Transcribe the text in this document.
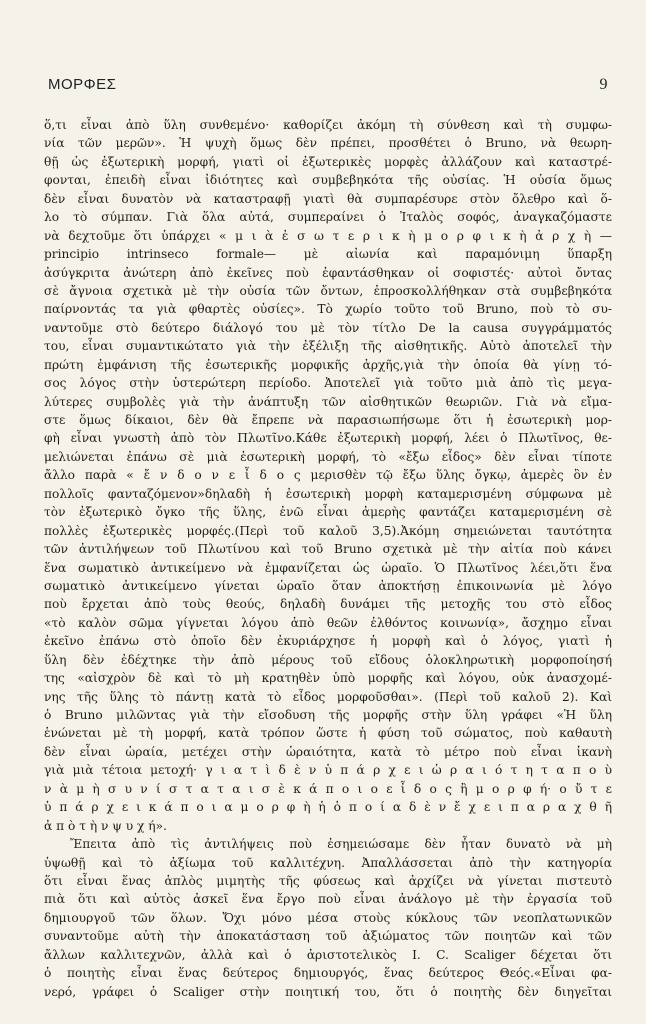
ΜΟΡΦΕΣ	9
ὅ,τι εἶναι ἀπὸ ὕλη συνθεμένο· καθορίζει ἀκόμη τὴ σύνθεση καὶ τὴ συμφω-
νία τῶν μερῶν». Ἡ ψυχὴ ὅμως δὲν πρέπει, προσθέτει ὁ Bruno, νὰ θεωρη-
θῇ ὡς ἐξωτερικὴ μορφή, γιατὶ οἱ ἐξωτερικὲς μορφὲς ἀλλάζουν καὶ καταστρέ-
φονται, ἐπειδὴ εἶναι ἰδιότητες καὶ συμβεβηκότα τῆς οὐσίας. Ἡ οὐσία ὅμως
δὲν εἶναι δυνατὸν νὰ καταστραφῇ γιατὶ θὰ συμπαρέσυρε στὸν ὄλεθρο καὶ ὅ-
λο τὸ σύμπαν. Γιὰ ὅλα αὐτά, συμπεραίνει ὁ Ἰταλὸς σοφός, ἀναγκαζόμαστε
νὰ δεχτοῦμε ὅτι ὑπάρχει « μ ι ὰ ἐ σ ω τ ε ρ ι κ ὴ μ ο ρ φ ι κ ὴ ἀ ρ χ ὴ —
principio intrinseco formale— μὲ αἰωνία καὶ παραμόνιμη ὕπαρξη
ἀσύγκριτα ἀνώτερη ἀπὸ ἐκεῖνες ποὺ ἐφαντάσθηκαν οἱ σοφιστές· αὐτοὶ ὄντας
σὲ ἄγνοια σχετικὰ μὲ τὴν οὐσία τῶν ὄντων, ἐπροσκολλήθηκαν στὰ συμβεβηκότα
παίρνοντάς τα γιὰ φθαρτὲς οὐσίες». Τὸ χωρίο τοῦτο τοῦ Bruno, ποὺ τὸ συ-
ναντοῦμε στὸ δεύτερο διάλογό του μὲ τὸν τίτλο De la causa συγγράμματός
του, εἶναι συμαντικώτατο γιὰ τὴν ἐξέλιξη τῆς αἰσθητικῆς. Αὐτὸ ἀποτελεῖ τὴν
πρώτη ἐμφάνιση τῆς ἐσωτερικῆς μορφικῆς ἀρχῆς,γιὰ τὴν ὁποία θὰ γίνῃ τό-
σος λόγος στὴν ὑστερώτερη περίοδο. Ἀποτελεῖ γιὰ τοῦτο μιὰ ἀπὸ τὶς μεγα-
λύτερες συμβολὲς γιὰ τὴν ἀνάπτυξη τῶν αἰσθητικῶν θεωριῶν. Γιὰ νὰ εἴμα-
στε ὅμως δίκαιοι, δὲν θὰ ἔπρεπε νὰ παρασιωπήσωμε ὅτι ἡ ἐσωτερικὴ μορ-
φὴ εἶναι γνωστὴ ἀπὸ τὸν Πλωτῖνο.Κάθε ἐξωτερικὴ μορφή, λέει ὁ Πλωτῖνος, θε-
μελιώνεται ἐπάνω σὲ μιὰ ἐσωτερικὴ μορφή, τὸ «ἔξω εἶδος» δὲν εἶναι τίποτε
ἄλλο παρὰ « ἔ ν δ ο ν ε ἶ δ ο ς μερισθὲν τῷ ἔξω ὕλης ὄγκῳ, ἀμερὲς ὂν ἐν
πολλοῖς φανταζόμενον»δηλαδὴ ἡ ἐσωτερικὴ μορφὴ καταμερισμένη σύμφωνα μὲ
τὸν ἐξωτερικὸ ὄγκο τῆς ὕλης, ἐνῶ εἶναι ἀμερὴς φαντάζει καταμερισμένη σὲ
πολλὲς ἐξωτερικὲς μορφές.(Περὶ τοῦ καλοῦ 3,5).Ἀκόμη σημειώνεται ταυτότητα
τῶν ἀντιλήψεων τοῦ Πλωτίνου καὶ τοῦ Bruno σχετικὰ μὲ τὴν αἰτία ποὺ κάνει
ἕνα σωματικὸ ἀντικείμενο νὰ ἐμφανίζεται ὡς ὡραῖο. Ὁ Πλωτῖνος λέει,ὅτι ἕνα
σωματικὸ ἀντικείμενο γίνεται ὡραῖο ὅταν ἀποκτήσῃ ἐπικοινωνία μὲ λόγο
ποὺ ἔρχεται ἀπὸ τοὺς θεούς, δηλαδὴ δυνάμει τῆς μετοχῆς του στὸ εἶδος
«τὸ καλὸν σῶμα γίγνεται λόγου ἀπὸ θεῶν ἐλθόντος κοινωνίᾳ», ἄσχημο εἶναι
ἐκεῖνο ἐπάνω στὸ ὁποῖο δὲν ἐκυριάρχησε ἡ μορφὴ καὶ ὁ λόγος, γιατὶ ἡ
ὕλη δὲν ἐδέχτηκε τὴν ἀπὸ μέρους τοῦ εἴδους ὁλοκληρωτικὴ μορφοποίησή
της «αἰσχρὸν δὲ καὶ τὸ μὴ κρατηθὲν ὑπὸ μορφῆς καὶ λόγου, οὐκ ἀνασχομέ-
νης τῆς ὕλης τὸ πάντῃ κατὰ τὸ εἶδος μορφοῦσθαι». (Περὶ τοῦ καλοῦ 2). Καὶ
ὁ Bruno μιλῶντας γιὰ τὴν εἴσοδυση τῆς μορφῆς στὴν ὕλη γράφει «Ἡ ὕλη
ἑνώνεται μὲ τὴ μορφή, κατὰ τρόπον ὥστε ἡ φύση τοῦ σώματος, ποὺ καθαυτὴ
δὲν εἶναι ὡραία, μετέχει στὴν ὡραιότητα, κατὰ τὸ μέτρο ποὺ εἶναι ἱκανὴ
γιὰ μιὰ τέτοια μετοχή· γ ι α τ ὶ δ ὲ ν ὑ π ά ρ χ ε ι ὡ ρ α ι ό τ η τ α π ο ὺ
ν ὰ μ ὴ σ υ ν ί σ τ α τ α ι σ ὲ κ ά π ο ι ο ε ἶ δ ο ς ἢ μ ο ρ φ ή· ο ὔ τ ε
ὑ π ά ρ χ ε ι κ ά π ο ι α μ ο ρ φ ὴ ἡ ὁ π ο ί α δ ὲ ν ἔ χ ε ι π α ρ α χ θ ῆ
ἀ π ὸ τ ὴ ν ψ υ χ ή».
Ἔπειτα ἀπὸ τὶς ἀντιλήψεις ποὺ ἐσημειώσαμε δὲν ἦταν δυνατὸ νὰ μὴ
ὑψωθῇ καὶ τὸ ἀξίωμα τοῦ καλλιτέχνη. Ἀπαλλάσσεται ἀπὸ τὴν κατηγορία
ὅτι εἶναι ἕνας ἁπλὸς μιμητὴς τῆς φύσεως καὶ ἀρχίζει νὰ γίνεται πιστευτὸ
πιὰ ὅτι καὶ αὐτὸς ἀσκεῖ ἕνα ἔργο ποὺ εἶναι ἀνάλογο μὲ τὴν ἐργασία τοῦ
δημιουργοῦ τῶν ὅλων. Ὄχι μόνο μέσα στοὺς κύκλους τῶν νεοπλατωνικῶν
συναντοῦμε αὐτὴ τὴν ἀποκατάσταση τοῦ ἀξιώματος τῶν ποιητῶν καὶ τῶν
ἄλλων καλλιτεχνῶν, ἀλλὰ καὶ ὁ ἀριστοτελικὸς I. C. Scaliger δέχεται ὅτι
ὁ ποιητὴς εἶναι ἕνας δεύτερος δημιουργός, ἕνας δεύτερος Θεός.«Εἶναι φα-
νερό, γράφει ὁ Scaliger στὴν ποιητική του, ὅτι ὁ ποιητὴς δὲν διηγεῖται
